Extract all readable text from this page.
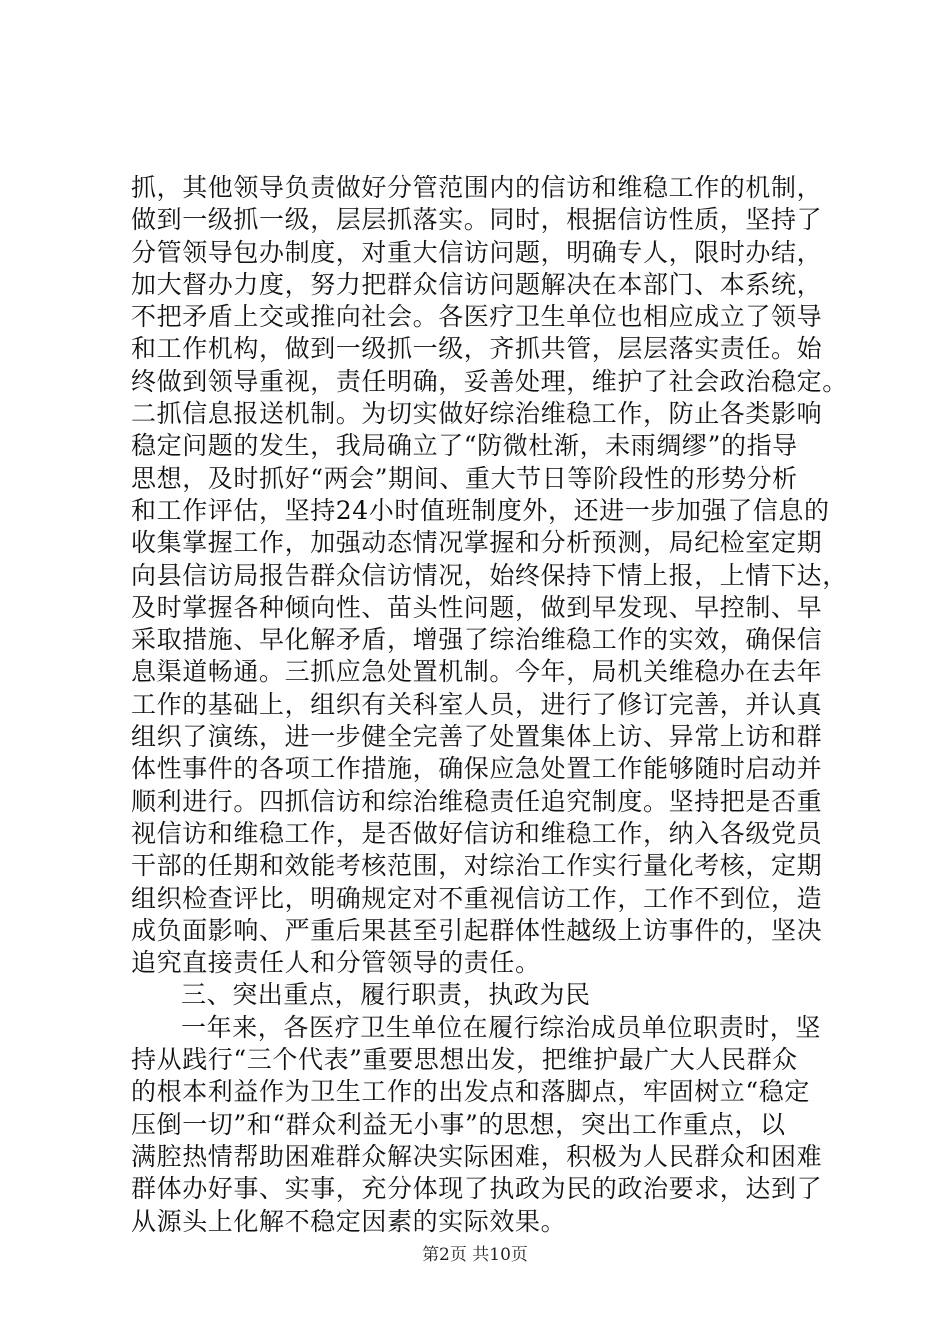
抓，其他领导负责做好分管范围内的信访和维稳工作的机制，
做到一级抓一级，层层抓落实。同时，根据信访性质，坚持了
分管领导包办制度，对重大信访问题，明确专人，限时办结，
加大督办力度，努力把群众信访问题解决在本部门、本系统，
不把矛盾上交或推向社会。各医疗卫生单位也相应成立了领导
和工作机构，做到一级抓一级，齐抓共管，层层落实责任。始
终做到领导重视，责任明确，妥善处理，维护了社会政治稳定。
二抓信息报送机制。为切实做好综治维稳工作，防止各类影响
稳定问题的发生，我局确立了“防微杜渐，未雨绸缪”的指导
思想，及时抓好“两会”期间、重大节日等阶段性的形势分析
和工作评估，坚持24小时值班制度外，还进一步加强了信息的
收集掌握工作，加强动态情况掌握和分析预测，局纪检室定期
向县信访局报告群众信访情况，始终保持下情上报，上情下达，
及时掌握各种倾向性、苗头性问题，做到早发现、早控制、早
采取措施、早化解矛盾，增强了综治维稳工作的实效，确保信
息渠道畅通。三抓应急处置机制。今年，局机关维稳办在去年
工作的基础上，组织有关科室人员，进行了修订完善，并认真
组织了演练，进一步健全完善了处置集体上访、异常上访和群
体性事件的各项工作措施，确保应急处置工作能够随时启动并
顺利进行。四抓信访和综治维稳责任追究制度。坚持把是否重
视信访和维稳工作，是否做好信访和维稳工作，纳入各级党员
干部的任期和效能考核范围，对综治工作实行量化考核，定期
组织检查评比，明确规定对不重视信访工作，工作不到位，造
成负面影响、严重后果甚至引起群体性越级上访事件的，坚决
追究直接责任人和分管领导的责任。
三、突出重点，履行职责，执政为民
一年来，各医疗卫生单位在履行综治成员单位职责时，坚
持从践行“三个代表”重要思想出发，把维护最广大人民群众
的根本利益作为卫生工作的出发点和落脚点，牢固树立“稳定
压倒一切”和“群众利益无小事”的思想，突出工作重点，以
满腔热情帮助困难群众解决实际困难，积极为人民群众和困难
群体办好事、实事，充分体现了执政为民的政治要求，达到了
从源头上化解不稳定因素的实际效果。
第2页 共10页
